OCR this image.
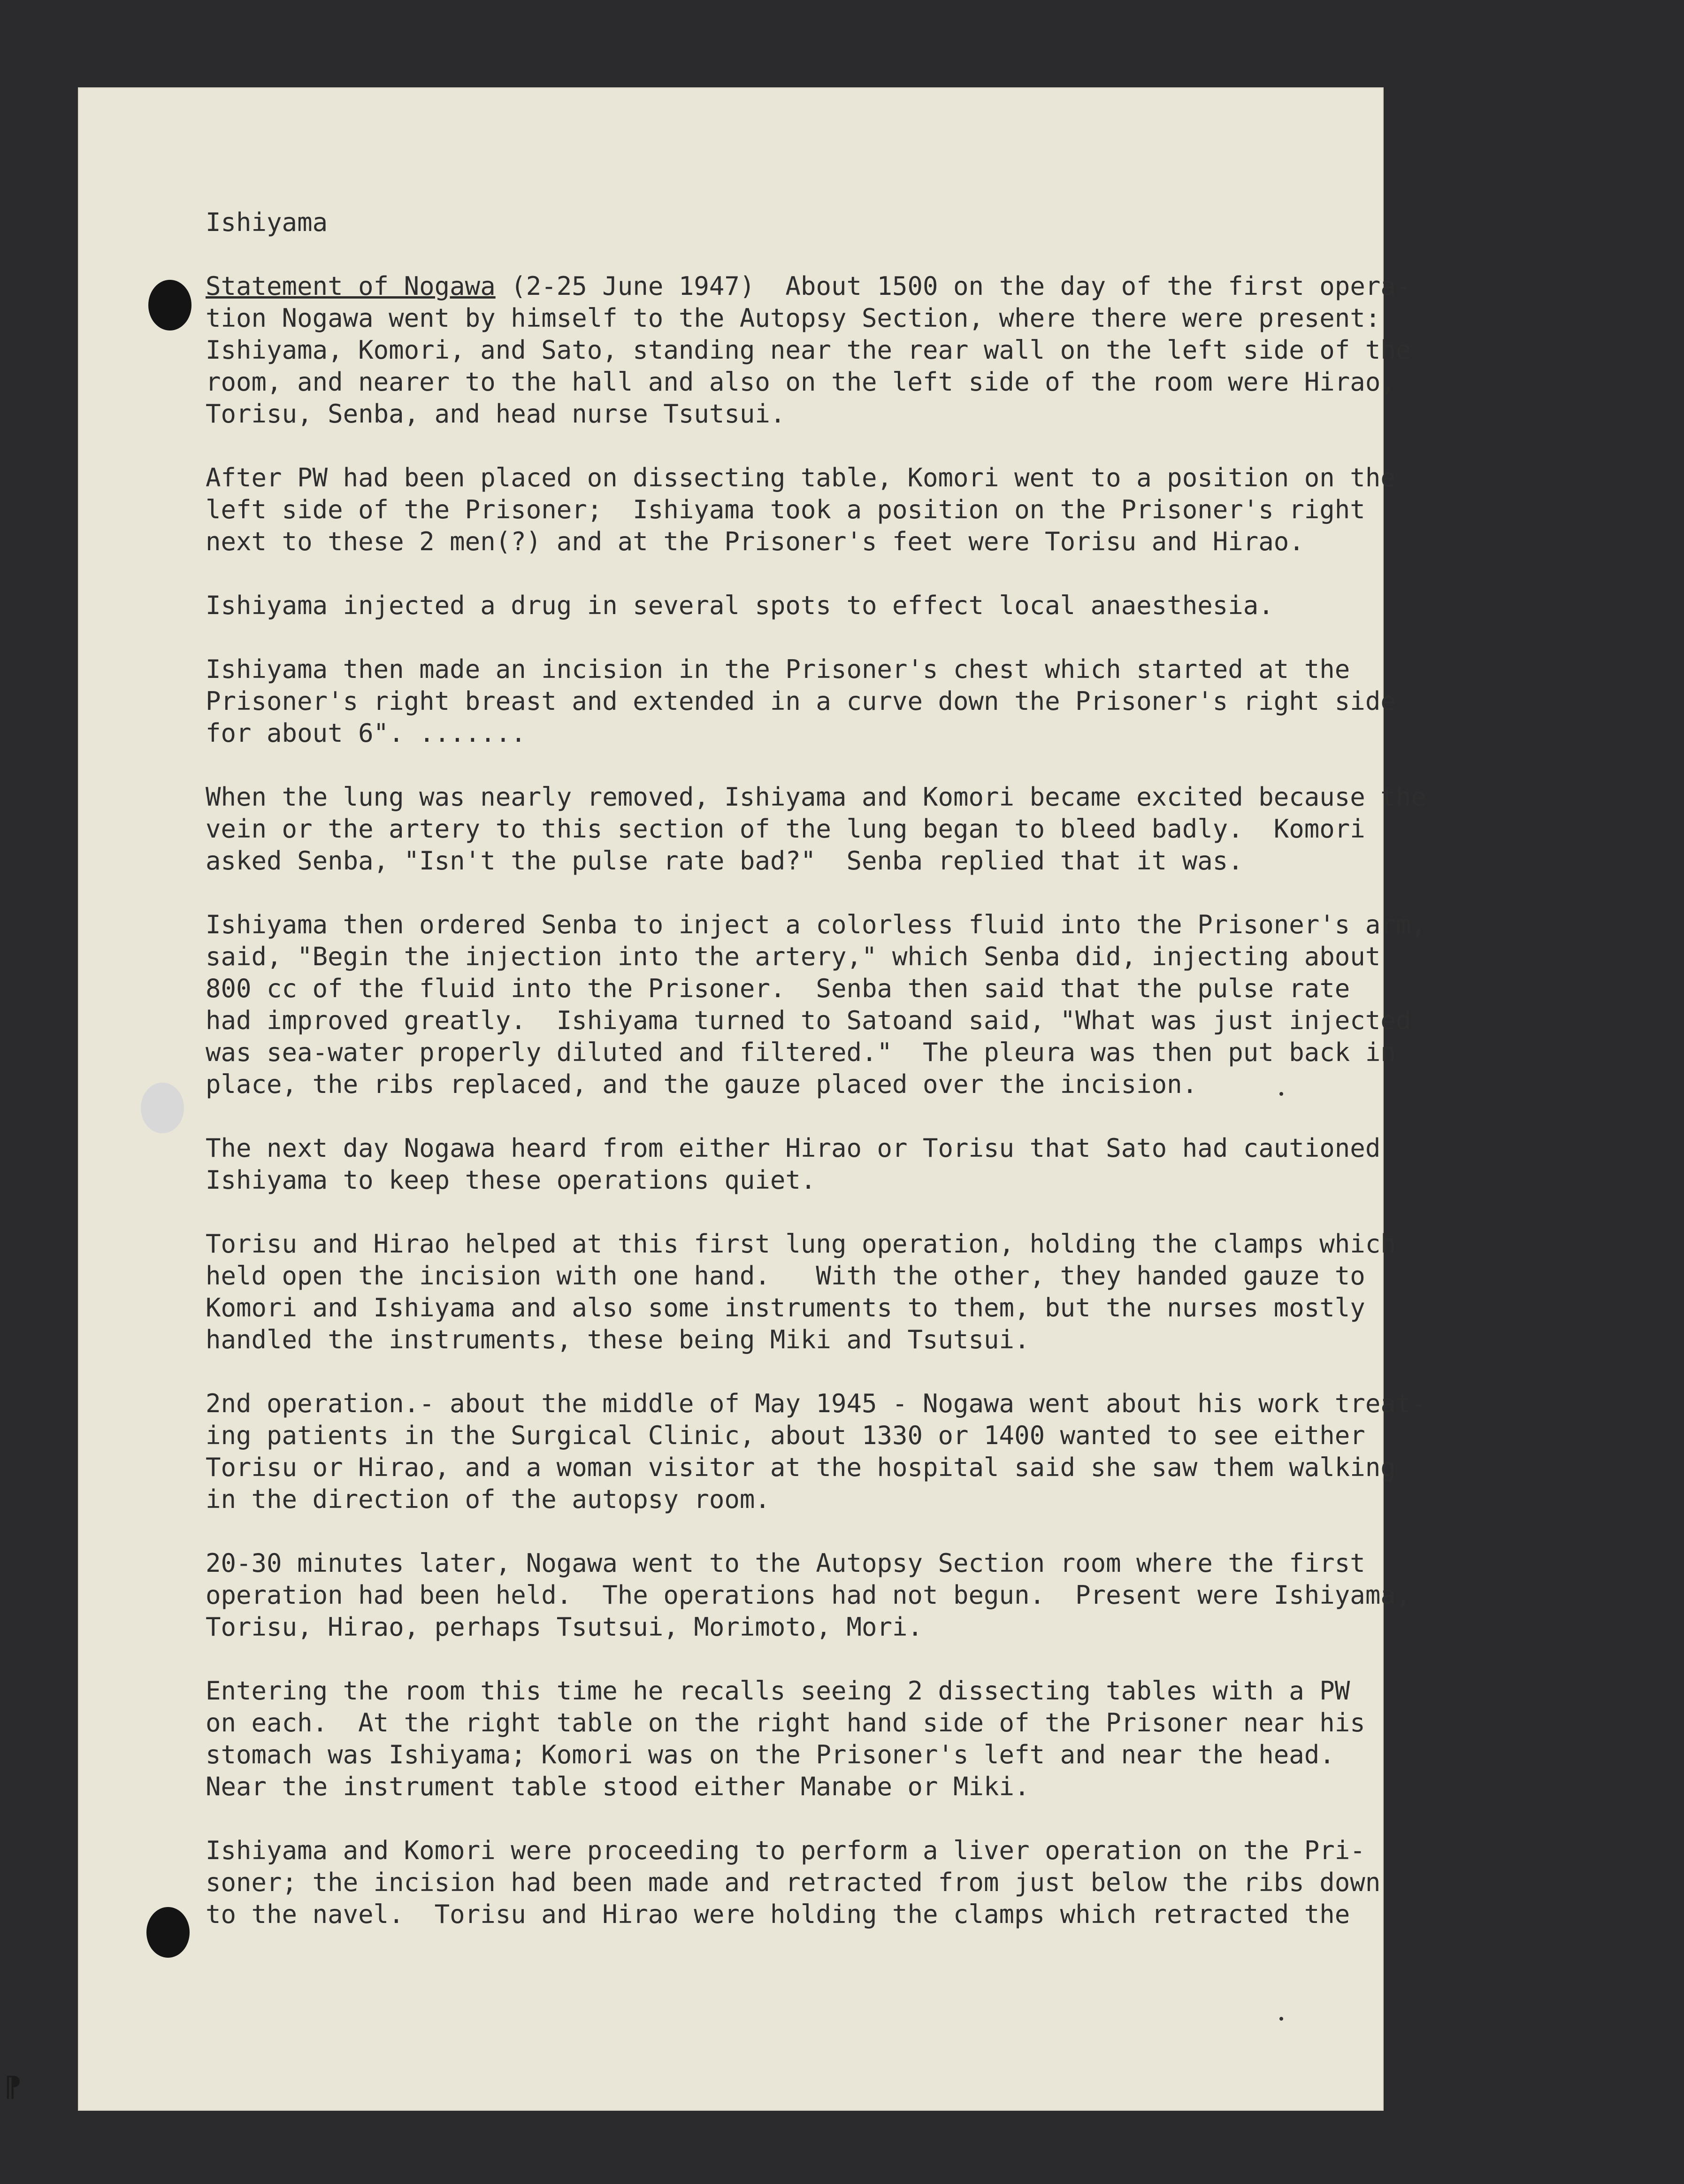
Ishiyama
Statement of Nogawa (2-25 June 1947)  About 1500 on the day of the first opera-
tion Nogawa went by himself to the Autopsy Section, where there were present:
Ishiyama, Komori, and Sato, standing near the rear wall on the left side of the
room, and nearer to the hall and also on the left side of the room were Hirao,
Torisu, Senba, and head nurse Tsutsui.
After PW had been placed on dissecting table, Komori went to a position on the
left side of the Prisoner;  Ishiyama took a position on the Prisoner's right
next to these 2 men(?) and at the Prisoner's feet were Torisu and Hirao.
Ishiyama injected a drug in several spots to effect local anaesthesia.
Ishiyama then made an incision in the Prisoner's chest which started at the
Prisoner's right breast and extended in a curve down the Prisoner's right side
for about 6". .......
When the lung was nearly removed, Ishiyama and Komori became excited because the
vein or the artery to this section of the lung began to bleed badly.  Komori
asked Senba, "Isn't the pulse rate bad?"  Senba replied that it was.
Ishiyama then ordered Senba to inject a colorless fluid into the Prisoner's arm,
said, "Begin the injection into the artery," which Senba did, injecting about
800 cc of the fluid into the Prisoner.  Senba then said that the pulse rate
had improved greatly.  Ishiyama turned to Satoand said, "What was just injected
was sea-water properly diluted and filtered."  The pleura was then put back in
place, the ribs replaced, and the gauze placed over the incision.
The next day Nogawa heard from either Hirao or Torisu that Sato had cautioned
Ishiyama to keep these operations quiet.
Torisu and Hirao helped at this first lung operation, holding the clamps which
held open the incision with one hand.   With the other, they handed gauze to
Komori and Ishiyama and also some instruments to them, but the nurses mostly
handled the instruments, these being Miki and Tsutsui.
2nd operation.- about the middle of May 1945 - Nogawa went about his work treat-
ing patients in the Surgical Clinic, about 1330 or 1400 wanted to see either
Torisu or Hirao, and a woman visitor at the hospital said she saw them walking
in the direction of the autopsy room.
20-30 minutes later, Nogawa went to the Autopsy Section room where the first
operation had been held.  The operations had not begun.  Present were Ishiyama,
Torisu, Hirao, perhaps Tsutsui, Morimoto, Mori.
Entering the room this time he recalls seeing 2 dissecting tables with a PW
on each.  At the right table on the right hand side of the Prisoner near his
stomach was Ishiyama; Komori was on the Prisoner's left and near the head.
Near the instrument table stood either Manabe or Miki.
Ishiyama and Komori were proceeding to perform a liver operation on the Pri-
soner; the incision had been made and retracted from just below the ribs down
to the navel.  Torisu and Hirao were holding the clamps which retracted the
⁋
